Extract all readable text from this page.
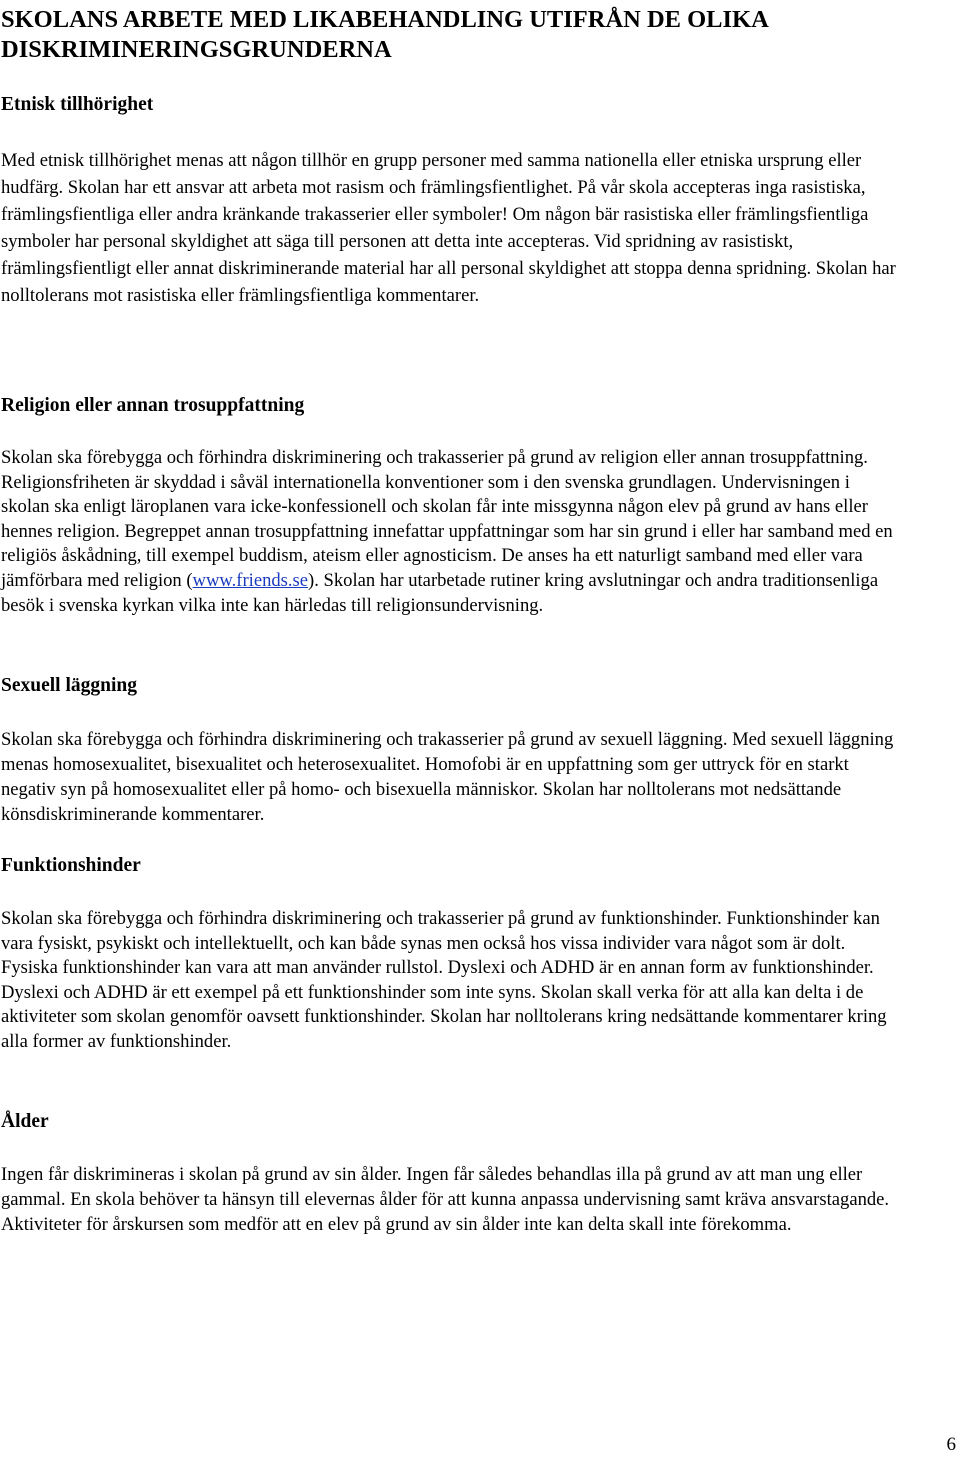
SKOLANS ARBETE MED LIKABEHANDLING UTIFRÅN DE OLIKA DISKRIMINERINGSGRUNDERNA
Etnisk tillhörighet

Med etnisk tillhörighet menas att någon tillhör en grupp personer med samma nationella eller etniska ursprung eller hudfärg. Skolan har ett ansvar att arbeta mot rasism och främlingsfientlighet. På vår skola accepteras inga rasistiska, främlingsfientliga eller andra kränkande trakasserier eller symboler! Om någon bär rasistiska eller främlingsfientliga symboler har personal skyldighet att säga till personen att detta inte accepteras. Vid spridning av rasistiskt, främlingsfientligt eller annat diskriminerande material har all personal skyldighet att stoppa denna spridning. Skolan har nolltolerans mot rasistiska eller främlingsfientliga kommentarer.

Religion eller annan trosuppfattning

Skolan ska förebygga och förhindra diskriminering och trakasserier på grund av religion eller annan trosuppfattning. Religionsfriheten är skyddad i såväl internationella konventioner som i den svenska grundlagen. Undervisningen i skolan ska enligt läroplanen vara icke-konfessionell och skolan får inte missgynna någon elev på grund av hans eller hennes religion. Begreppet annan trosuppfattning innefattar uppfattningar som har sin grund i eller har samband med en religiös åskådning, till exempel buddism, ateism eller agnosticism. De anses ha ett naturligt samband med eller vara jämförbara med religion (www.friends.se). Skolan har utarbetade rutiner kring avslutningar och andra traditionsenliga besök i svenska kyrkan vilka inte kan härledas till religionsundervisning.

Sexuell läggning

Skolan ska förebygga och förhindra diskriminering och trakasserier på grund av sexuell läggning. Med sexuell läggning menas homosexualitet, bisexualitet och heterosexualitet. Homofobi är en uppfattning som ger uttryck för en starkt negativ syn på homosexualitet eller på homo- och bisexuella människor. Skolan har nolltolerans mot nedsättande könsdiskriminerande kommentarer.

Funktionshinder

Skolan ska förebygga och förhindra diskriminering och trakasserier på grund av funktionshinder. Funktionshinder kan vara fysiskt, psykiskt och intellektuellt, och kan både synas men också hos vissa individer vara något som är dolt. Fysiska funktionshinder kan vara att man använder rullstol. Dyslexi och ADHD är en annan form av funktionshinder. Dyslexi och ADHD är ett exempel på ett funktionshinder som inte syns. Skolan skall verka för att alla kan delta i de aktiviteter som skolan genomför oavsett funktionshinder. Skolan har nolltolerans kring nedsättande kommentarer kring alla former av funktionshinder.

Ålder

Ingen får diskrimineras i skolan på grund av sin ålder. Ingen får således behandlas illa på grund av att man ung eller gammal. En skola behöver ta hänsyn till elevernas ålder för att kunna anpassa undervisning samt kräva ansvarstagande. Aktiviteter för årskursen som medför att en elev på grund av sin ålder inte kan delta skall inte förekomma.

6
